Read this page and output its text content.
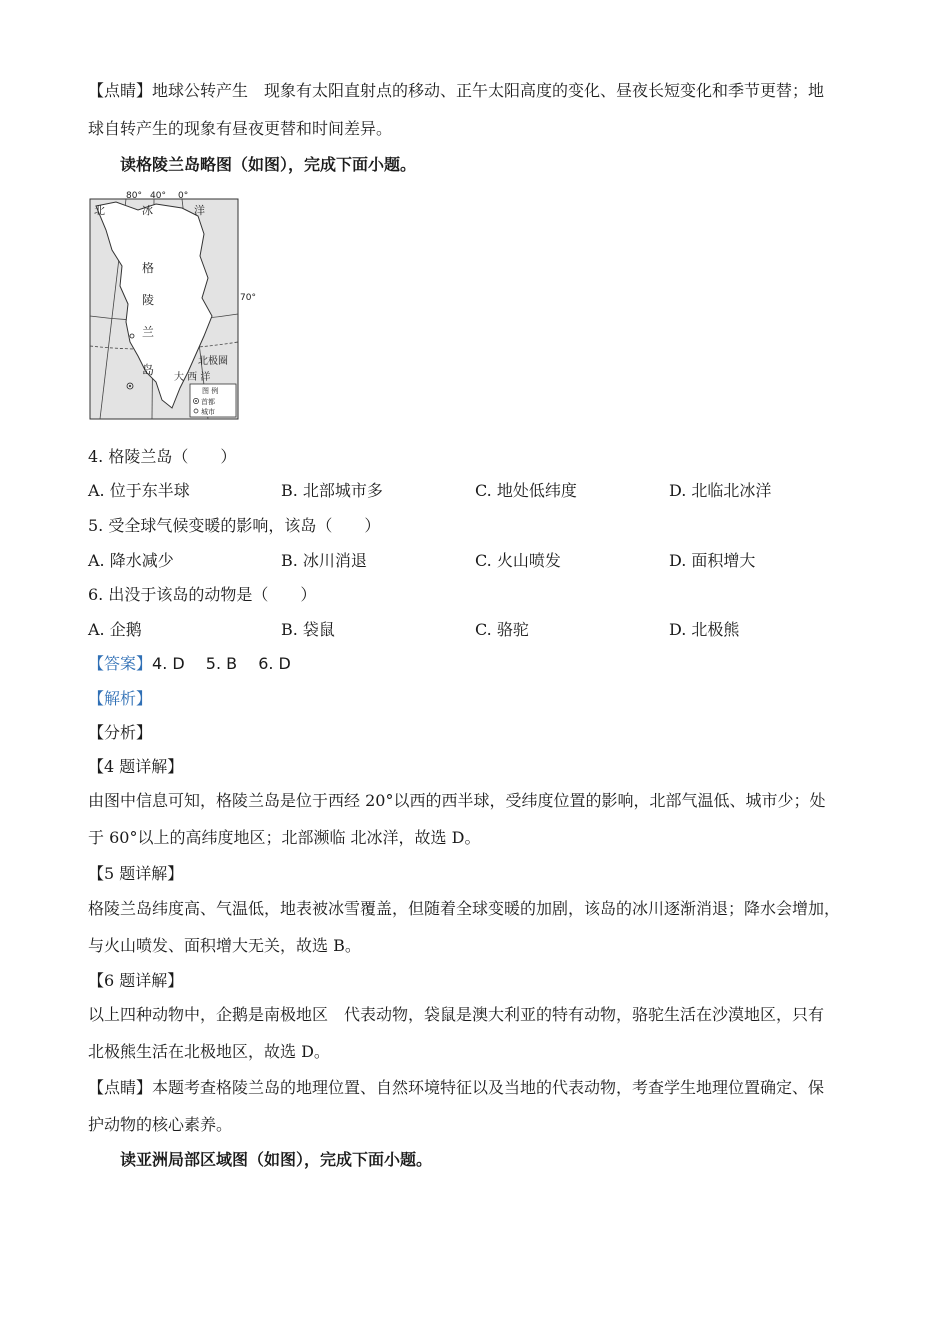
【点睛】地球公转产生　现象有太阳直射点的移动、正午太阳高度的变化、昼夜长短变化和季节更替；地
球自转产生的现象有昼夜更替和时间差异。
读格陵兰岛略图（如图），完成下面小题。
80° 40° 0°
70°
北	冰	洋
格
陵
兰
岛
北极圈
大 西 洋
图 例
首都
城市
4. 格陵兰岛（　　）
A. 位于东半球	B. 北部城市多	C. 地处低纬度	D. 北临北冰洋
5. 受全球气候变暖的影响，该岛（　　）
A. 降水减少	B. 冰川消退	C. 火山喷发	D. 面积增大
6. 出没于该岛的动物是（　　）
A. 企鹅	B. 袋鼠	C. 骆驼	D. 北极熊
【答案】4. D　 5. B　 6. D
【解析】
【分析】
【4 题详解】
由图中信息可知，格陵兰岛是位于西经 20°以西的西半球，受纬度位置的影响，北部气温低、城市少；处
于 60°以上的高纬度地区；北部濒临 北冰洋，故选 D。
【5 题详解】
格陵兰岛纬度高、气温低，地表被冰雪覆盖，但随着全球变暖的加剧，该岛的冰川逐渐消退；降水会增加，
与火山喷发、面积增大无关，故选 B。
【6 题详解】
以上四种动物中，企鹅是南极地区　代表动物，袋鼠是澳大利亚的特有动物，骆驼生活在沙漠地区，只有
北极熊生活在北极地区，故选 D。
【点睛】本题考查格陵兰岛的地理位置、自然环境特征以及当地的代表动物，考查学生地理位置确定、保
护动物的核心素养。
读亚洲局部区域图（如图），完成下面小题。
